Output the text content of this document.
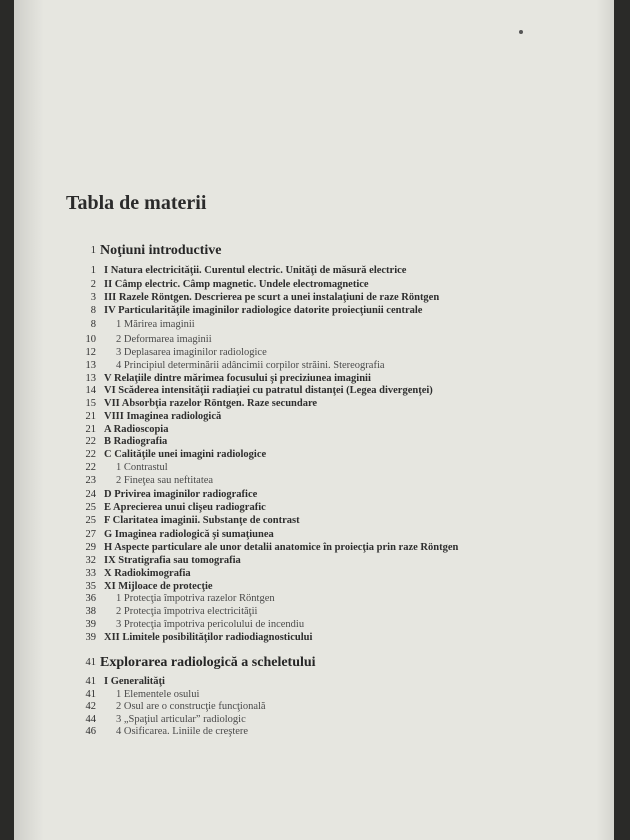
Tabla de materii
1 Noţiuni introductive
1 I Natura electricităţii. Curentul electric. Unităţi de măsură electrice
2 II Câmp electric. Câmp magnetic. Undele electromagnetice
3 III Razele Röntgen. Descrierea pe scurt a unei instalaţiuni de raze Röntgen
8 IV Particularităţile imaginilor radiologice datorite proiecţiunii centrale
8 1 Mărirea imaginii
10 2 Deformarea imaginii
12 3 Deplasarea imaginilor radiologice
13 4 Principiul determinării adâncimii corpilor străini. Stereografia
13 V Relaţiile dintre mărimea focusului şi preciziunea imaginii
14 VI Scăderea intensităţii radiaţiei cu patratul distanţei (Legea divergenţei)
15 VII Absorbţia razelor Röntgen. Raze secundare
21 VIII Imaginea radiologică
21 A Radioscopia
22 B Radiografia
22 C Calităţile unei imagini radiologice
22 1 Contrastul
23 2 Fineţea sau neftitatea
24 D Privirea imaginilor radiografice
25 E Aprecierea unui clişeu radiografic
25 F Claritatea imaginii. Substanţe de contrast
27 G Imaginea radiologică şi sumaţiunea
29 H Aspecte particulare ale unor detalii anatomice în proiecţia prin raze Röntgen
32 IX Stratigrafia sau tomografia
33 X Radiokimografia
35 XI Mijloace de protecţie
36 1 Protecţia împotriva razelor Röntgen
38 2 Protecţia împotriva electricităţii
39 3 Protecţia împotriva pericolului de incendiu
39 XII Limitele posibilităţilor radiodiagnosticului
41 Explorarea radiologică a scheletului
41 I Generalităţi
41 1 Elementele osului
42 2 Osul are o construcţie funcţională
44 3 „Spaţiul articular” radiologic
46 4 Osificarea. Liniile de creştere
